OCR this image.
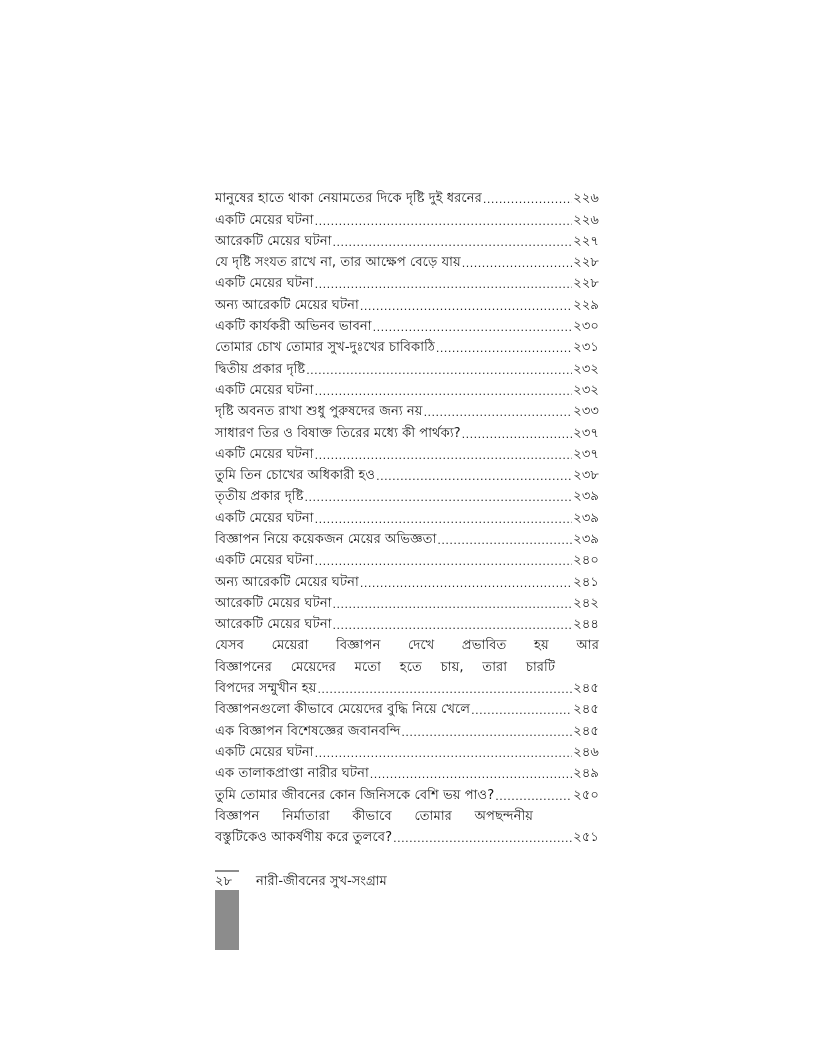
মানুষের হাতে থাকা নেয়ামতের দিকে দৃষ্টি দুই ধরনের .....	২২৬
একটি মেয়ের ঘটনা .....	২২৬
আরেকটি মেয়ের ঘটনা .....	২২৭
যে দৃষ্টি সংযত রাখে না, তার আক্ষেপ বেড়ে যায় .....	২২৮
একটি মেয়ের ঘটনা .....	২২৮
অন্য আরেকটি মেয়ের ঘটনা .....	২২৯
একটি কার্যকরী অভিনব ভাবনা .....	২৩০
তোমার চোখ তোমার সুখ-দুঃখের চাবিকাঠি .....	২৩১
দ্বিতীয় প্রকার দৃষ্টি .....	২৩২
একটি মেয়ের ঘটনা .....	২৩২
দৃষ্টি অবনত রাখা শুধু পুরুষদের জন্য নয় .....	২৩৩
সাধারণ তির ও বিষাক্ত তিরের মধ্যে কী পার্থক্য? .....	২৩৭
একটি মেয়ের ঘটনা .....	২৩৭
তুমি তিন চোখের অধিকারী হও .....	২৩৮
তৃতীয় প্রকার দৃষ্টি .....	২৩৯
একটি মেয়ের ঘটনা .....	২৩৯
বিজ্ঞাপন নিয়ে কয়েকজন মেয়ের অভিজ্ঞতা .....	২৩৯
একটি মেয়ের ঘটনা .....	২৪০
অন্য আরেকটি মেয়ের ঘটনা .....	২৪১
আরেকটি মেয়ের ঘটনা .....	২৪২
আরেকটি মেয়ের ঘটনা .....	২৪৪
যেসব মেয়েরা বিজ্ঞাপন দেখে প্রভাবিত হয় আর
বিজ্ঞাপনের মেয়েদের মতো হতে চায়, তারা চারটি
বিপদের সম্মুখীন হয় .....	২৪৫
বিজ্ঞাপনগুলো কীভাবে মেয়েদের বুদ্ধি নিয়ে খেলে .....	২৪৫
এক বিজ্ঞাপন বিশেষজ্ঞের জবানবন্দি .....	২৪৫
একটি মেয়ের ঘটনা .....	২৪৬
এক তালাকপ্রাপ্তা নারীর ঘটনা .....	২৪৯
তুমি তোমার জীবনের কোন জিনিসকে বেশি ভয় পাও? .....	২৫০
বিজ্ঞাপন নির্মাতারা কীভাবে তোমার অপছন্দনীয়
বস্তুটিকেও আকর্ষণীয় করে তুলবে? .....	২৫১
২৮ নারী-জীবনের সুখ-সংগ্রাম
